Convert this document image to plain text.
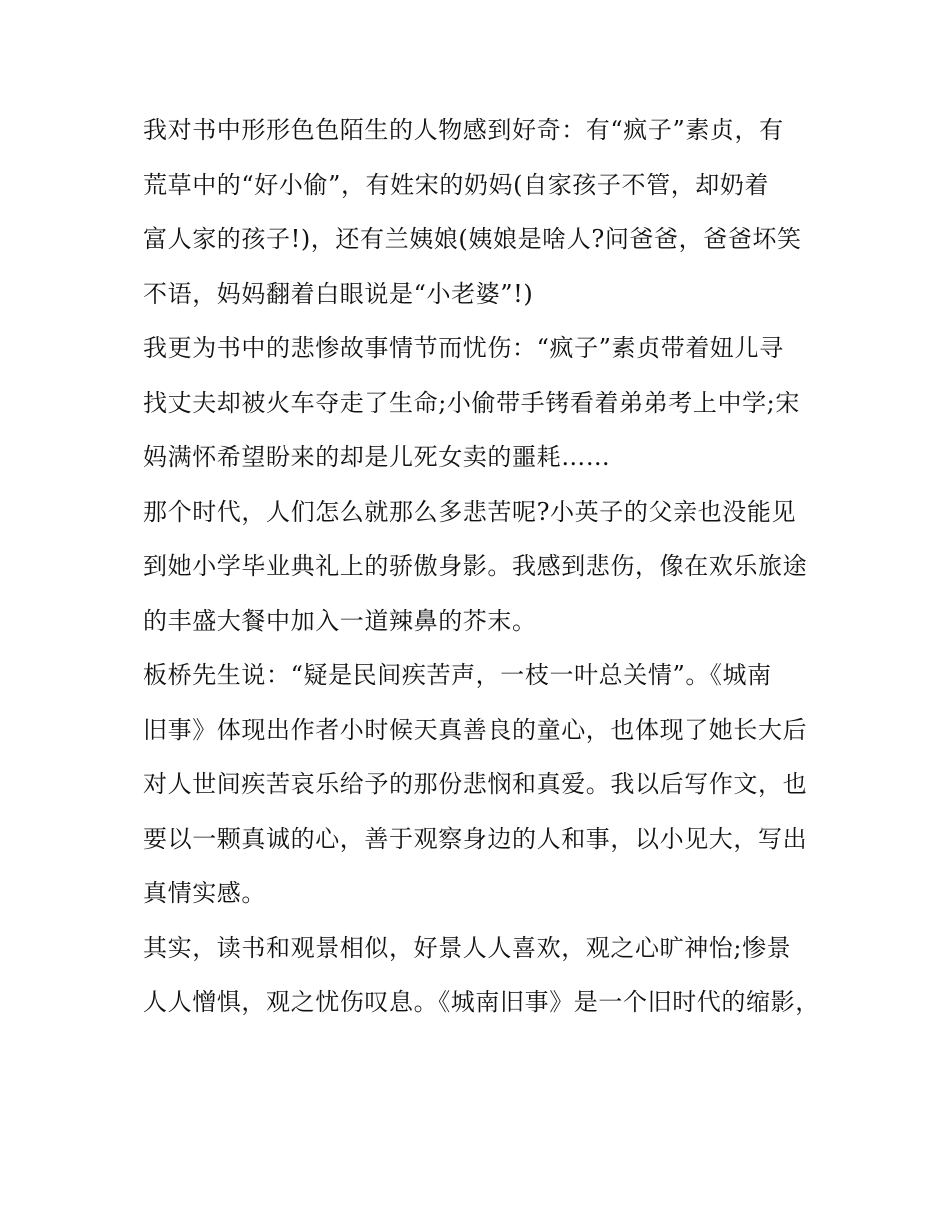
我对书中形形色色陌生的人物感到好奇：有“疯子”素贞，有
荒草中的“好小偷”，有姓宋的奶妈(自家孩子不管，却奶着
富人家的孩子!)，还有兰姨娘(姨娘是啥人?问爸爸，爸爸坏笑
不语，妈妈翻着白眼说是“小老婆”!)
我更为书中的悲惨故事情节而忧伤：“疯子”素贞带着妞儿寻
找丈夫却被火车夺走了生命;小偷带手铐看着弟弟考上中学;宋
妈满怀希望盼来的却是儿死女卖的噩耗……
那个时代，人们怎么就那么多悲苦呢?小英子的父亲也没能见
到她小学毕业典礼上的骄傲身影。我感到悲伤，像在欢乐旅途
的丰盛大餐中加入一道辣鼻的芥末。
板桥先生说：“疑是民间疾苦声，一枝一叶总关情”。《城南
旧事》体现出作者小时候天真善良的童心，也体现了她长大后
对人世间疾苦哀乐给予的那份悲悯和真爱。我以后写作文，也
要以一颗真诚的心，善于观察身边的人和事，以小见大，写出
真情实感。
其实，读书和观景相似，好景人人喜欢，观之心旷神怡;惨景
人人憎惧，观之忧伤叹息。《城南旧事》是一个旧时代的缩影，
